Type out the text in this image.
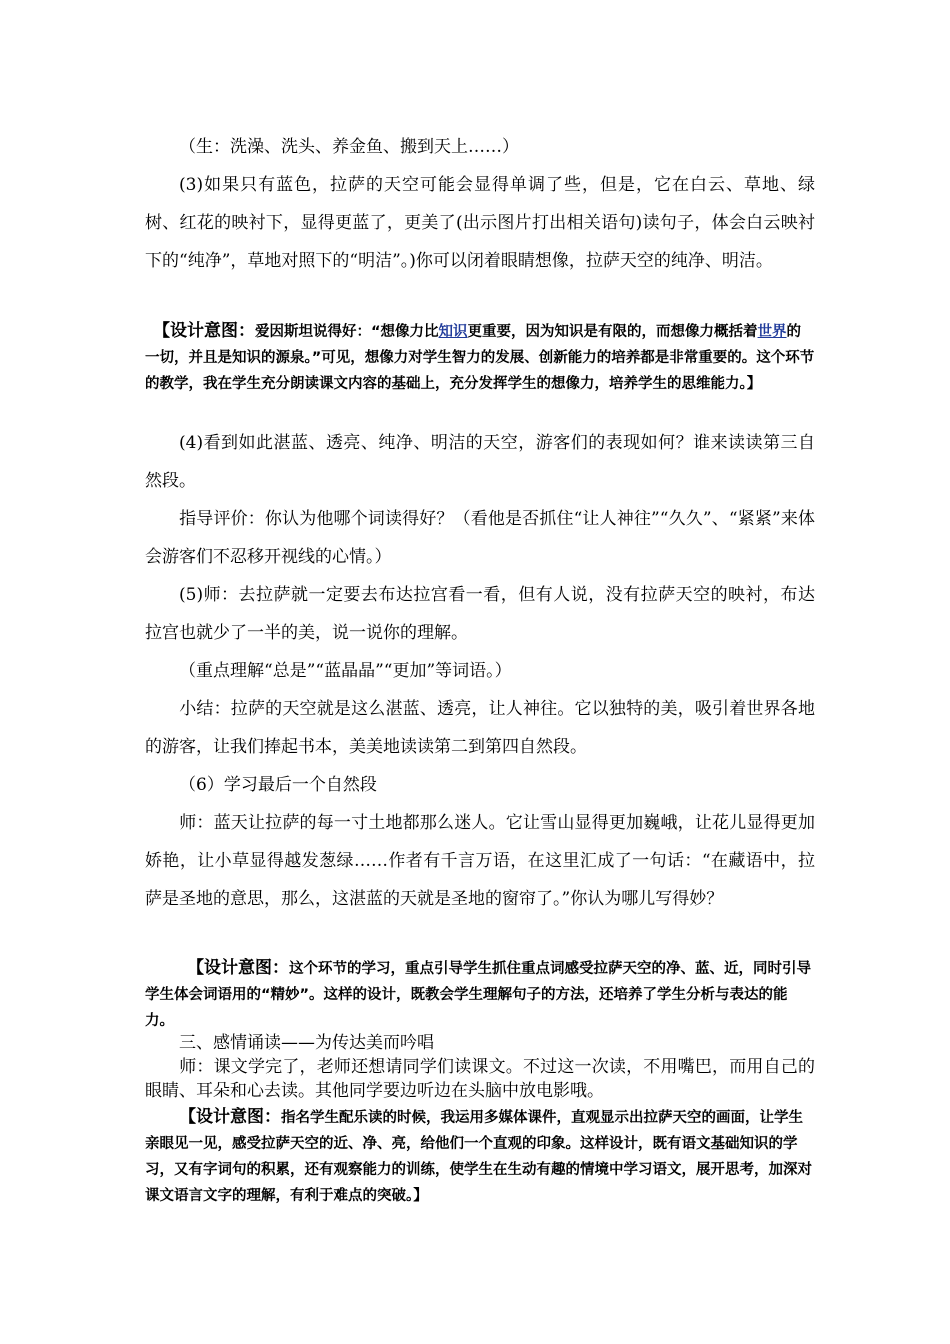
（生：洗澡、洗头、养金鱼、搬到天上……）

(3)如果只有蓝色，拉萨的天空可能会显得单调了些，但是，它在白云、草地、绿树、红花的映衬下，显得更蓝了，更美了(出示图片打出相关语句)读句子，体会白云映衬下的“纯净”，草地对照下的“明洁”。)你可以闭着眼睛想像，拉萨天空的纯净、明洁。

【设计意图：爱因斯坦说得好：“想像力比知识更重要，因为知识是有限的，而想像力概括着世界的一切，并且是知识的源泉。”可见，想像力对学生智力的发展、创新能力的培养都是非常重要的。这个环节的教学，我在学生充分朗读课文内容的基础上，充分发挥学生的想像力，培养学生的思维能力。】

(4)看到如此湛蓝、透亮、纯净、明洁的天空，游客们的表现如何？谁来读读第三自然段。

指导评价：你认为他哪个词读得好？（看他是否抓住“让人神往”“久久”、“紧紧”来体会游客们不忍移开视线的心情。）

(5)师：去拉萨就一定要去布达拉宫看一看，但有人说，没有拉萨天空的映衬，布达拉宫也就少了一半的美，说一说你的理解。

（重点理解“总是”“蓝晶晶”“更加”等词语。）

小结：拉萨的天空就是这么湛蓝、透亮，让人神往。它以独特的美，吸引着世界各地的游客，让我们捧起书本，美美地读读第二到第四自然段。

（6）学习最后一个自然段

师：蓝天让拉萨的每一寸土地都那么迷人。它让雪山显得更加巍峨，让花儿显得更加娇艳，让小草显得越发葱绿……作者有千言万语，在这里汇成了一句话：“在藏语中，拉萨是圣地的意思，那么，这湛蓝的天就是圣地的窗帘了。”你认为哪儿写得妙？

【设计意图：这个环节的学习，重点引导学生抓住重点词感受拉萨天空的净、蓝、近，同时引导学生体会词语用的“精妙”。这样的设计，既教会学生理解句子的方法，还培养了学生分析与表达的能力。

三、感情诵读——为传达美而吟唱

师：课文学完了，老师还想请同学们读课文。不过这一次读，不用嘴巴，而用自己的眼睛、耳朵和心去读。其他同学要边听边在头脑中放电影哦。

【设计意图：指名学生配乐读的时候，我运用多媒体课件，直观显示出拉萨天空的画面，让学生亲眼见一见，感受拉萨天空的近、净、亮，给他们一个直观的印象。这样设计，既有语文基础知识的学习，又有字词句的积累，还有观察能力的训练，使学生在生动有趣的情境中学习语文，展开思考，加深对课文语言文字的理解，有利于难点的突破。】
